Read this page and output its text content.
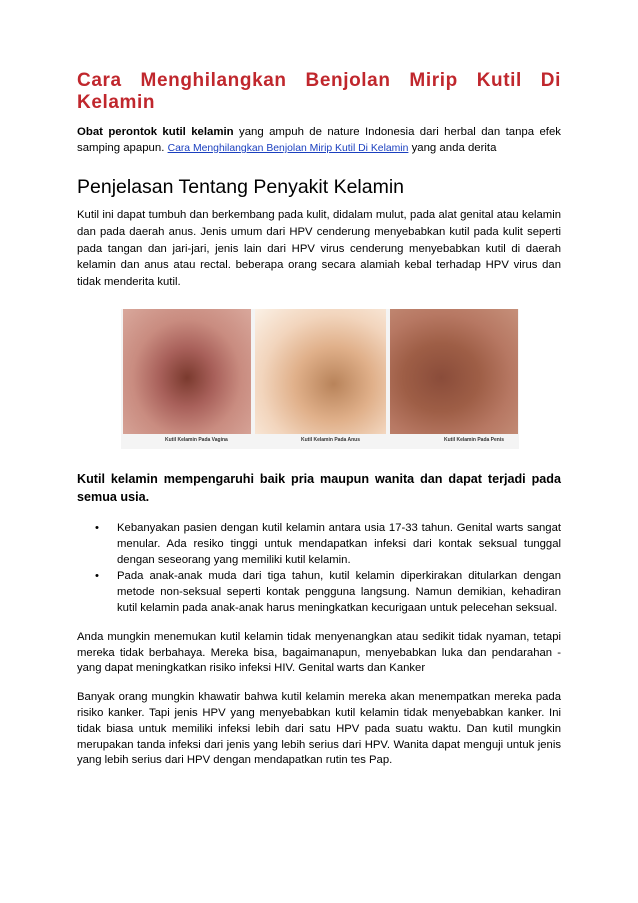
Cara Menghilangkan Benjolan Mirip Kutil Di Kelamin

Obat perontok kutil kelamin yang ampuh de nature Indonesia dari herbal dan tanpa efek samping apapun. Cara Menghilangkan Benjolan Mirip Kutil Di Kelamin yang anda derita

Penjelasan Tentang Penyakit Kelamin

Kutil ini dapat tumbuh dan berkembang pada kulit, didalam mulut, pada alat genital atau kelamin dan pada daerah anus. Jenis umum dari HPV cenderung menyebabkan kutil pada kulit seperti pada tangan dan jari-jari, jenis lain dari HPV virus cenderung menyebabkan kutil di daerah kelamin dan anus atau rectal. beberapa orang secara alamiah kebal terhadap HPV virus dan tidak menderita kutil.

Kutil Kelamin Pada Vagina	Kutil Kelamin Pada Anus	Kutil Kelamin Pada Penis

Kutil kelamin mempengaruhi baik pria maupun wanita dan dapat terjadi pada semua usia.

• Kebanyakan pasien dengan kutil kelamin antara usia 17-33 tahun. Genital warts sangat menular. Ada resiko tinggi untuk mendapatkan infeksi dari kontak seksual tunggal dengan seseorang yang memiliki kutil kelamin.
• Pada anak-anak muda dari tiga tahun, kutil kelamin diperkirakan ditularkan dengan metode non-seksual seperti kontak pengguna langsung. Namun demikian, kehadiran kutil kelamin pada anak-anak harus meningkatkan kecurigaan untuk pelecehan seksual.

Anda mungkin menemukan kutil kelamin tidak menyenangkan atau sedikit tidak nyaman, tetapi mereka tidak berbahaya. Mereka bisa, bagaimanapun, menyebabkan luka dan pendarahan - yang dapat meningkatkan risiko infeksi HIV. Genital warts dan Kanker

Banyak orang mungkin khawatir bahwa kutil kelamin mereka akan menempatkan mereka pada risiko kanker. Tapi jenis HPV yang menyebabkan kutil kelamin tidak menyebabkan kanker. Ini tidak biasa untuk memiliki infeksi lebih dari satu HPV pada suatu waktu. Dan kutil mungkin merupakan tanda infeksi dari jenis yang lebih serius dari HPV. Wanita dapat menguji untuk jenis yang lebih serius dari HPV dengan mendapatkan rutin tes Pap.
